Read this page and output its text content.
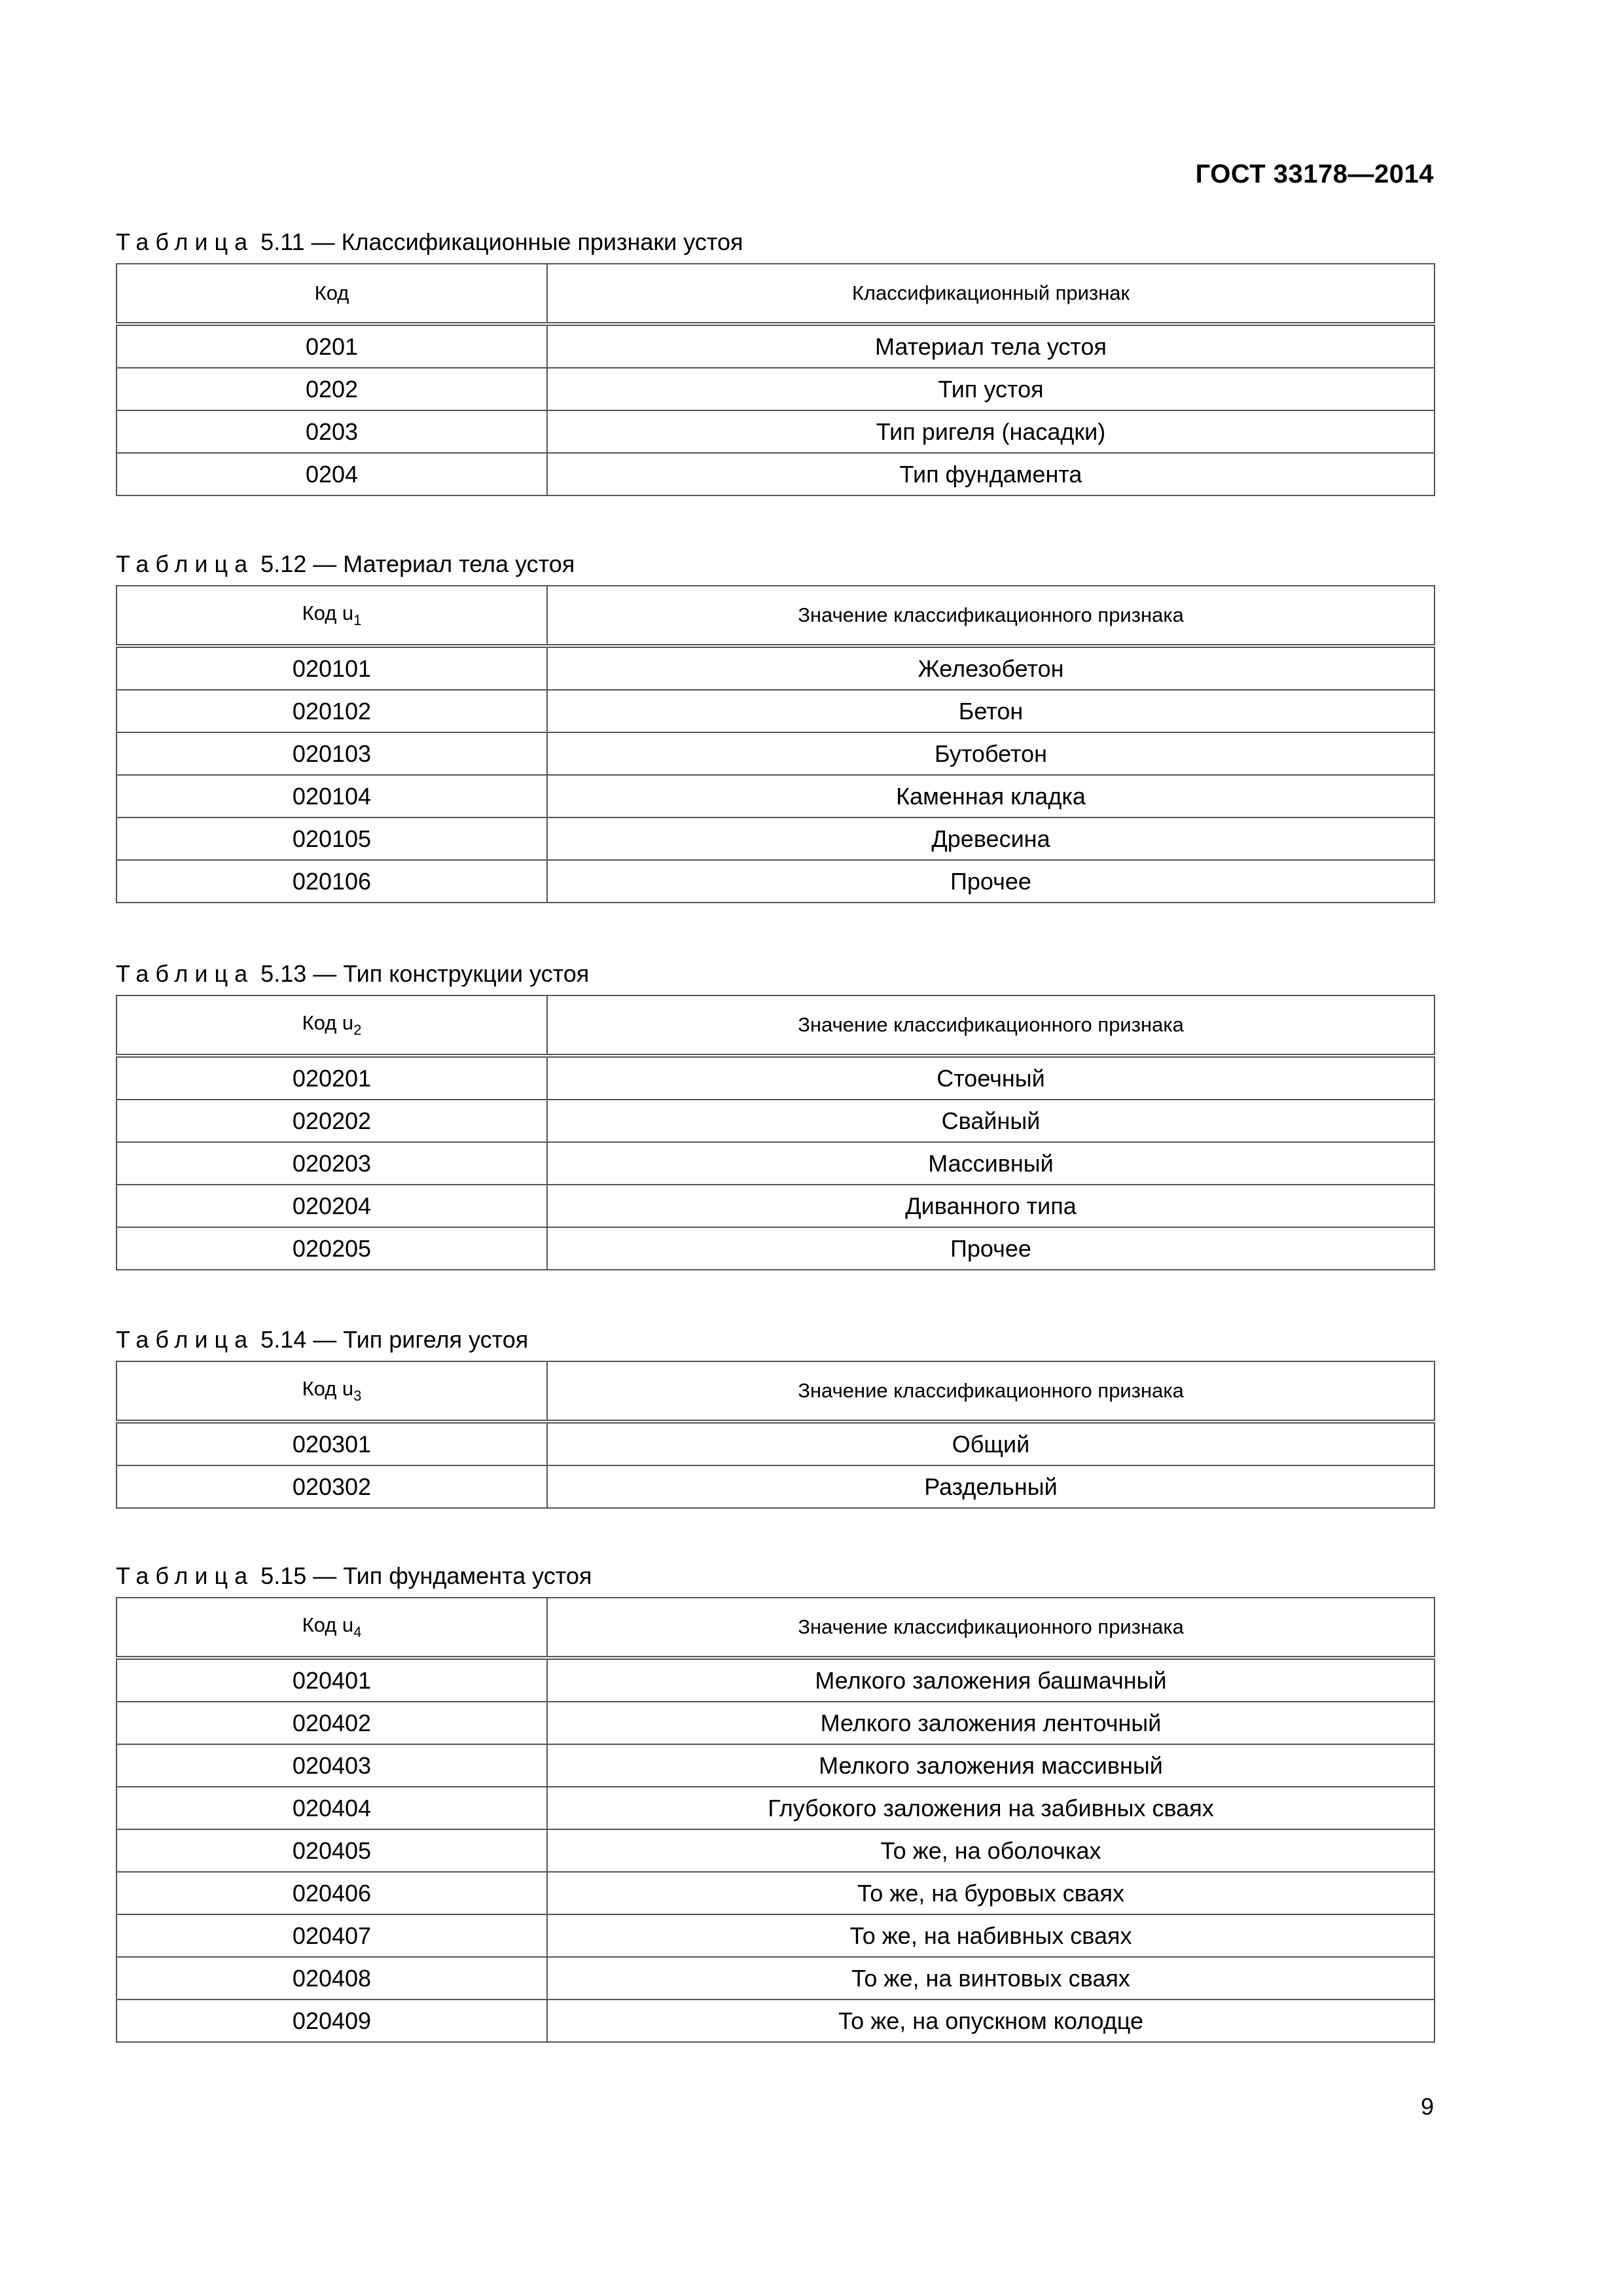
ГОСТ 33178—2014
Таблица 5.11 — Классификационные признаки устоя
Код	Классификационный признак
0201	Материал тела устоя
0202	Тип устоя
0203	Тип ригеля (насадки)
0204	Тип фундамента
Таблица 5.12 — Материал тела устоя
Код $u_1$	Значение классификационного признака
020101	Железобетон
020102	Бетон
020103	Бутобетон
020104	Каменная кладка
020105	Древесина
020106	Прочее
Таблица 5.13 — Тип конструкции устоя
Код $u_2$	Значение классификационного признака
020201	Стоечный
020202	Свайный
020203	Массивный
020204	Диванного типа
020205	Прочее
Таблица 5.14 — Тип ригеля устоя
Код $u_3$	Значение классификационного признака
020301	Общий
020302	Раздельный
Таблица 5.15 — Тип фундамента устоя
Код $u_4$	Значение классификационного признака
020401	Мелкого заложения башмачный
020402	Мелкого заложения ленточный
020403	Мелкого заложения массивный
020404	Глубокого заложения на забивных сваях
020405	То же, на оболочках
020406	То же, на буровых сваях
020407	То же, на набивных сваях
020408	То же, на винтовых сваях
020409	То же, на опускном колодце
9
